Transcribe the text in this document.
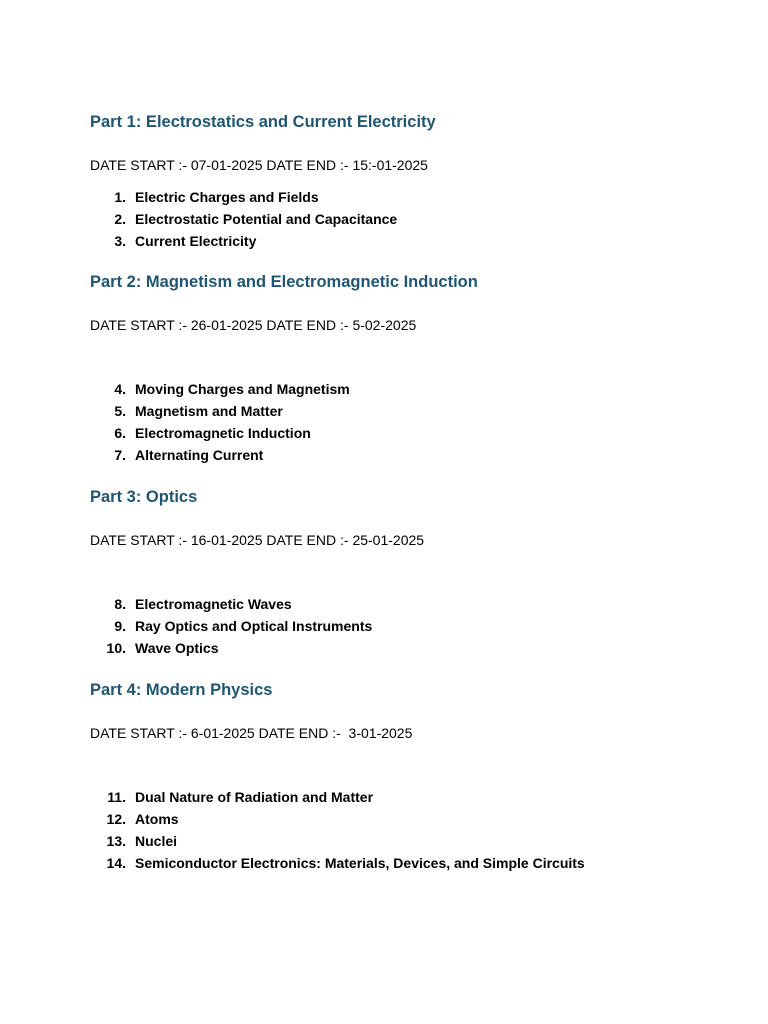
Part 1: Electrostatics and Current Electricity

DATE START :- 07-01-2025 DATE END :- 15:-01-2025

1. Electric Charges and Fields
2. Electrostatic Potential and Capacitance
3. Current Electricity
Part 2: Magnetism and Electromagnetic Induction

DATE START :- 26-01-2025 DATE END :- 5-02-2025

4. Moving Charges and Magnetism
5. Magnetism and Matter
6. Electromagnetic Induction
7. Alternating Current
Part 3: Optics

DATE START :- 16-01-2025 DATE END :- 25-01-2025

8. Electromagnetic Waves
9. Ray Optics and Optical Instruments
10. Wave Optics
Part 4: Modern Physics

DATE START :- 6-01-2025 DATE END :-  3-01-2025

11. Dual Nature of Radiation and Matter
12. Atoms
13. Nuclei
14. Semiconductor Electronics: Materials, Devices, and Simple Circuits
